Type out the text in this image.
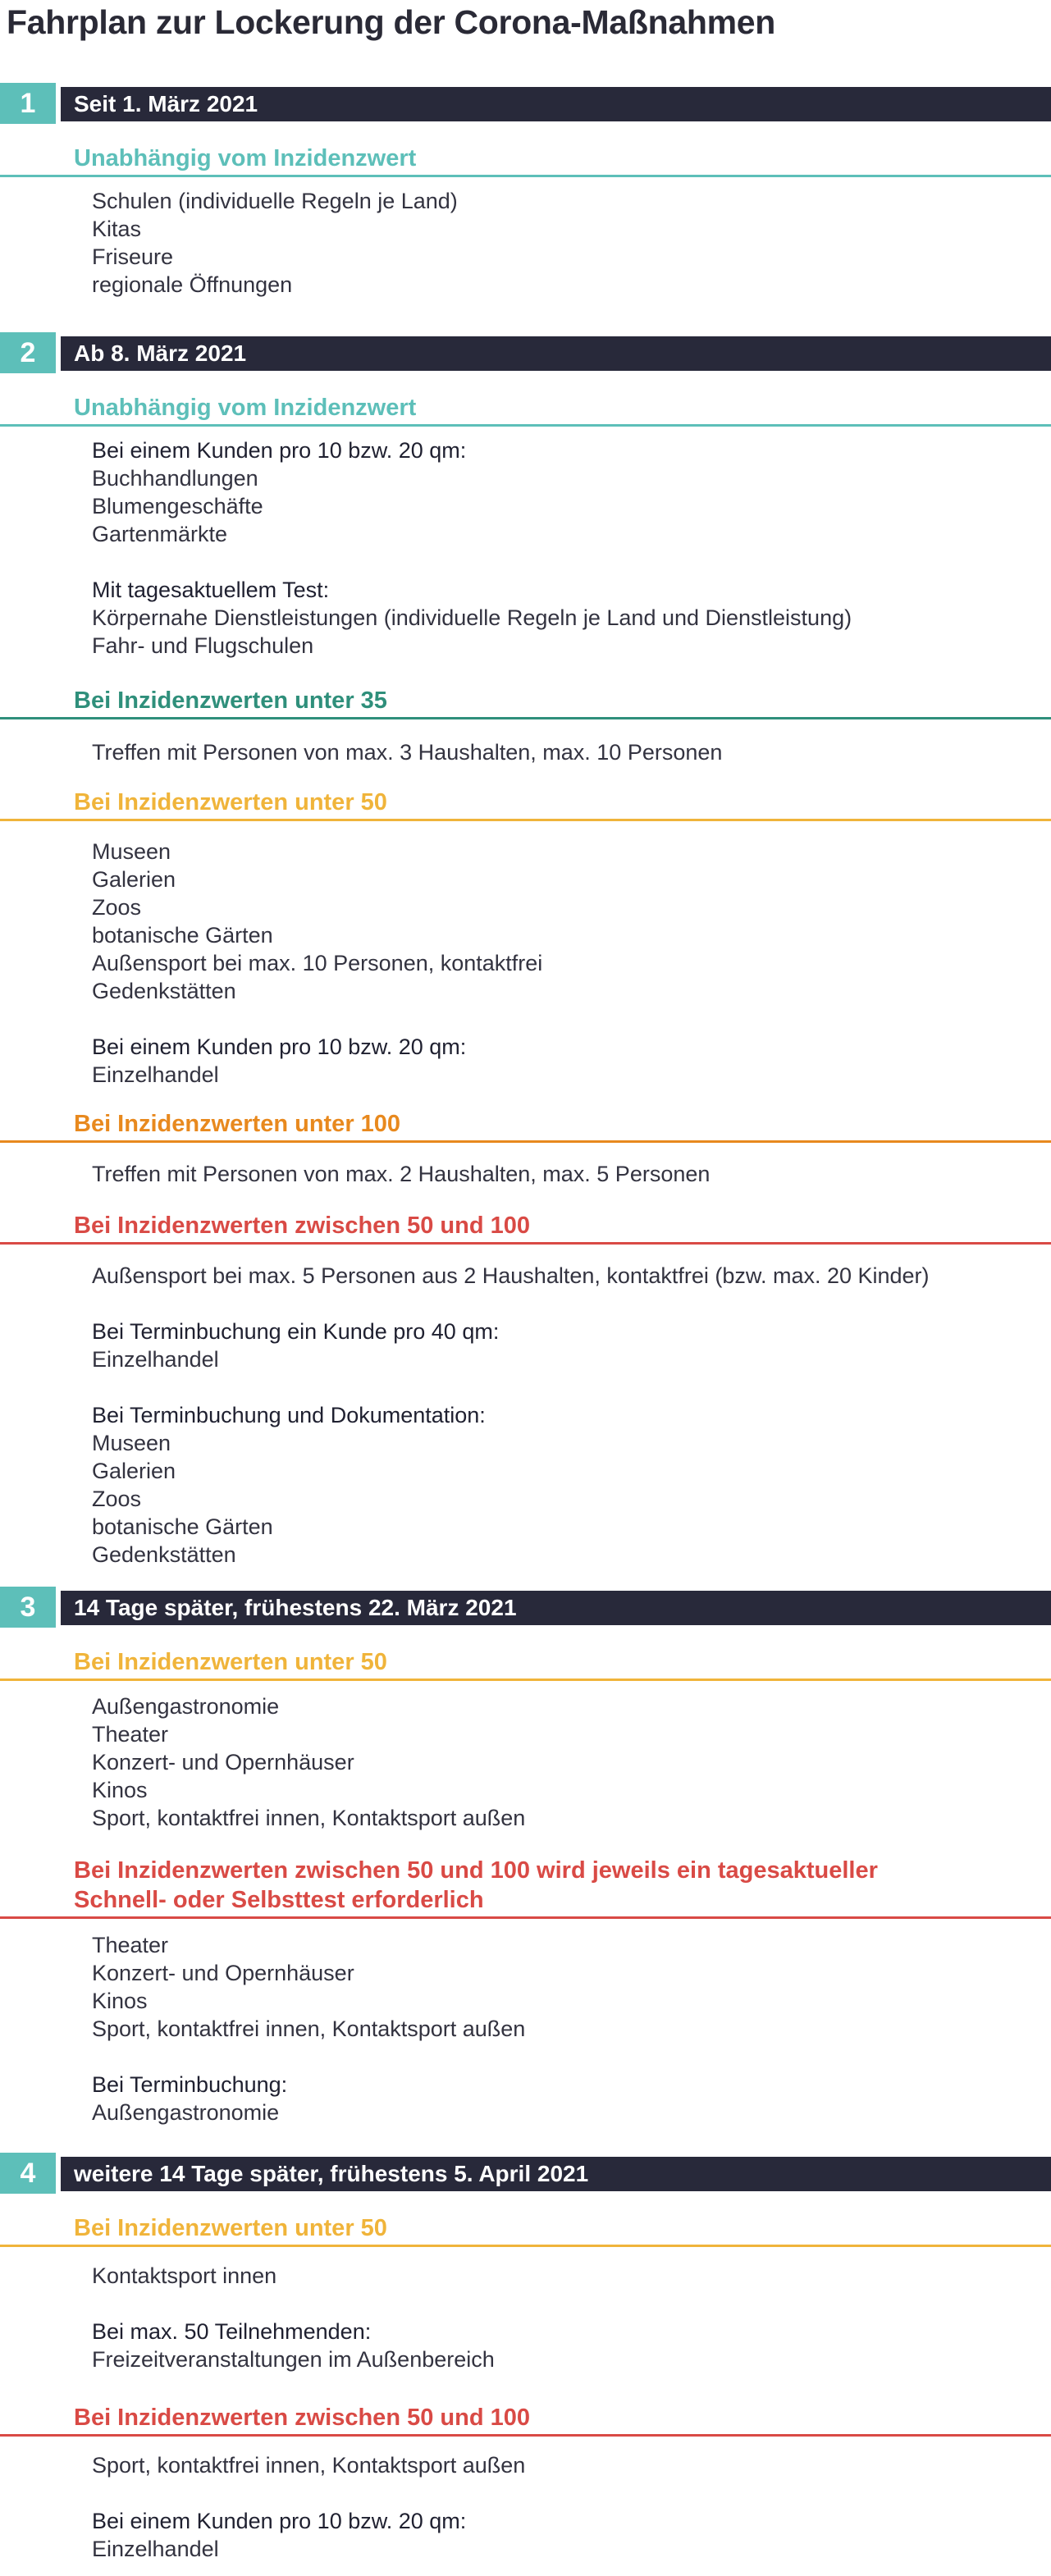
Fahrplan zur Lockerung der Corona-Maßnahmen
1	Seit 1. März 2021
Unabhängig vom Inzidenzwert
Schulen (individuelle Regeln je Land)
Kitas
Friseure
regionale Öffnungen
2	Ab 8. März 2021
Unabhängig vom Inzidenzwert
Bei einem Kunden pro 10 bzw. 20 qm:
Buchhandlungen
Blumengeschäfte
Gartenmärkte
Mit tagesaktuellem Test:
Körpernahe Dienstleistungen (individuelle Regeln je Land und Dienstleistung)
Fahr- und Flugschulen
Bei Inzidenzwerten unter 35
Treffen mit Personen von max. 3 Haushalten, max. 10 Personen
Bei Inzidenzwerten unter 50
Museen
Galerien
Zoos
botanische Gärten
Außensport bei max. 10 Personen, kontaktfrei
Gedenkstätten
Bei einem Kunden pro 10 bzw. 20 qm:
Einzelhandel
Bei Inzidenzwerten unter 100
Treffen mit Personen von max. 2 Haushalten, max. 5 Personen
Bei Inzidenzwerten zwischen 50 und 100
Außensport bei max. 5 Personen aus 2 Haushalten, kontaktfrei (bzw. max. 20 Kinder)
Bei Terminbuchung ein Kunde pro 40 qm:
Einzelhandel
Bei Terminbuchung und Dokumentation:
Museen
Galerien
Zoos
botanische Gärten
Gedenkstätten
3	14 Tage später, frühestens 22. März 2021
Bei Inzidenzwerten unter 50
Außengastronomie
Theater
Konzert- und Opernhäuser
Kinos
Sport, kontaktfrei innen, Kontaktsport außen
Bei Inzidenzwerten zwischen 50 und 100 wird jeweils ein tagesaktueller
Schnell- oder Selbsttest erforderlich
Theater
Konzert- und Opernhäuser
Kinos
Sport, kontaktfrei innen, Kontaktsport außen
Bei Terminbuchung:
Außengastronomie
4	weitere 14 Tage später, frühestens 5. April 2021
Bei Inzidenzwerten unter 50
Kontaktsport innen
Bei max. 50 Teilnehmenden:
Freizeitveranstaltungen im Außenbereich
Bei Inzidenzwerten zwischen 50 und 100
Sport, kontaktfrei innen, Kontaktsport außen
Bei einem Kunden pro 10 bzw. 20 qm:
Einzelhandel
